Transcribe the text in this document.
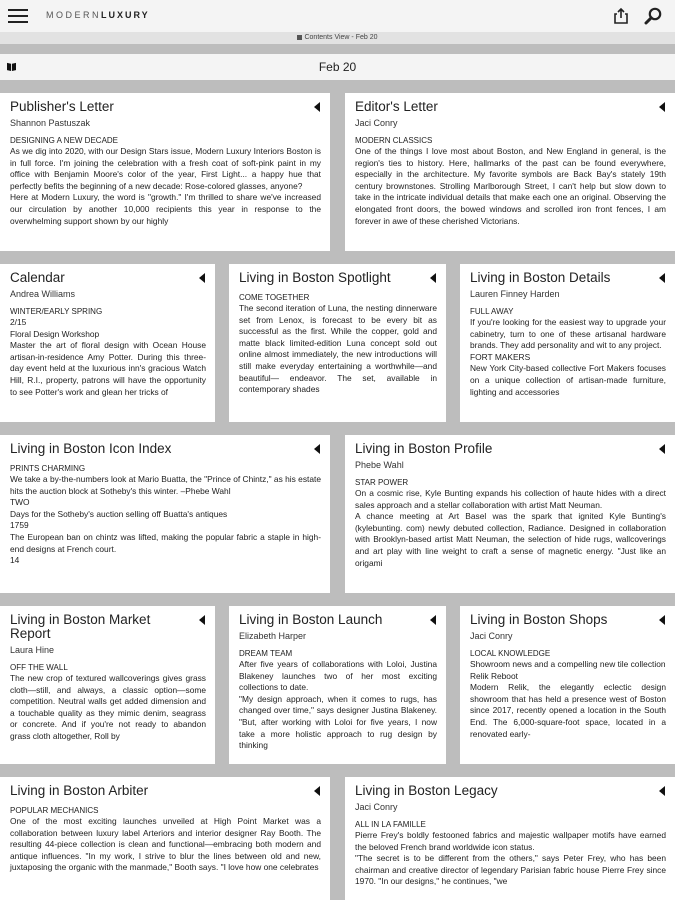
MODERNLUXURY
Contents View - Feb 20
Feb 20
Publisher's Letter
Shannon Pastuszak
DESIGNING A NEW DECADE
As we dig into 2020, with our Design Stars issue, Modern Luxury Interiors Boston is in full force. I'm joining the celebration with a fresh coat of soft-pink paint in my office with Benjamin Moore's color of the year, First Light... a happy hue that perfectly befits the beginning of a new decade: Rose-colored glasses, anyone?
Here at Modern Luxury, the word is "growth." I'm thrilled to share we've increased our circulation by another 10,000 recipients this year in response to the overwhelming support shown by our highly
Editor's Letter
Jaci Conry
MODERN CLASSICS
One of the things I love most about Boston, and New England in general, is the region's ties to history. Here, hallmarks of the past can be found everywhere, especially in the architecture. My favorite symbols are Back Bay's stately 19th century brownstones. Strolling Marlborough Street, I can't help but slow down to take in the intricate individual details that make each one an original. Observing the elongated front doors, the bowed windows and scrolled iron front fences, I am forever in awe of these cherished Victorians.
Calendar
Andrea Williams
WINTER/EARLY SPRING
2/15
Floral Design Workshop
Master the art of floral design with Ocean House artisan-in-residence Amy Potter. During this three-day event held at the luxurious inn's gracious Watch Hill, R.I., property, patrons will have the opportunity to see Potter's work and glean her tricks of
Living in Boston Spotlight
COME TOGETHER
The second iteration of Luna, the nesting dinnerware set from Lenox, is forecast to be every bit as successful as the first. While the copper, gold and matte black limited-edition Luna concept sold out online almost immediately, the new introductions will still make everyday entertaining a worthwhile—and beautiful— endeavor. The set, available in contemporary shades
Living in Boston Details
Lauren Finney Harden
FULL AWAY
If you're looking for the easiest way to upgrade your cabinetry, turn to one of these artisanal hardware brands. They add personality and wit to any project.
FORT MAKERS
New York City-based collective Fort Makers focuses on a unique collection of artisan-made furniture, lighting and accessories
Living in Boston Icon Index
PRINTS CHARMING
We take a by-the-numbers look at Mario Buatta, the "Prince of Chintz," as his estate hits the auction block at Sotheby's this winter. –Phebe Wahl
TWO
Days for the Sotheby's auction selling off Buatta's antiques
1759
The European ban on chintz was lifted, making the popular fabric a staple in high-end designs at French court.
14
Living in Boston Profile
Phebe Wahl
STAR POWER
On a cosmic rise, Kyle Bunting expands his collection of haute hides with a direct sales approach and a stellar collaboration with artist Matt Neuman.
A chance meeting at Art Basel was the spark that ignited Kyle Bunting's (kylebunting. com) newly debuted collection, Radiance. Designed in collaboration with Brooklyn-based artist Matt Neuman, the selection of hide rugs, wallcoverings and art play with line weight to craft a sense of magnetic energy. "Just like an origami
Living in Boston Market Report
Laura Hine
OFF THE WALL
The new crop of textured wallcoverings gives grass cloth—still, and always, a classic option—some competition. Neutral walls get added dimension and a touchable quality as they mimic denim, seagrass or concrete. And if you're not ready to abandon grass cloth altogether, Roll by
Living in Boston Launch
Elizabeth Harper
DREAM TEAM
After five years of collaborations with Loloi, Justina Blakeney launches two of her most exciting collections to date.
"My design approach, when it comes to rugs, has changed over time," says designer Justina Blakeney. "But, after working with Loloi for five years, I now take a more holistic approach to rug design by thinking
Living in Boston Shops
Jaci Conry
LOCAL KNOWLEDGE
Showroom news and a compelling new tile collection
Relik Reboot
Modern Relik, the elegantly eclectic design showroom that has held a presence west of Boston since 2017, recently opened a location in the South End. The 6,000-square-foot space, located in a renovated early-
Living in Boston Arbiter
POPULAR MECHANICS
One of the most exciting launches unveiled at High Point Market was a collaboration between luxury label Arteriors and interior designer Ray Booth. The resulting 44-piece collection is clean and functional—embracing both modern and antique influences. "In my work, I strive to blur the lines between old and new, juxtaposing the organic with the manmade," Booth says. "I love how one celebrates
Living in Boston Legacy
Jaci Conry
ALL IN LA FAMILLE
Pierre Frey's boldly festooned fabrics and majestic wallpaper motifs have earned the beloved French brand worldwide icon status.
"The secret is to be different from the others," says Peter Frey, who has been chairman and creative director of legendary Parisian fabric house Pierre Frey since 1970. "In our designs," he continues, "we
